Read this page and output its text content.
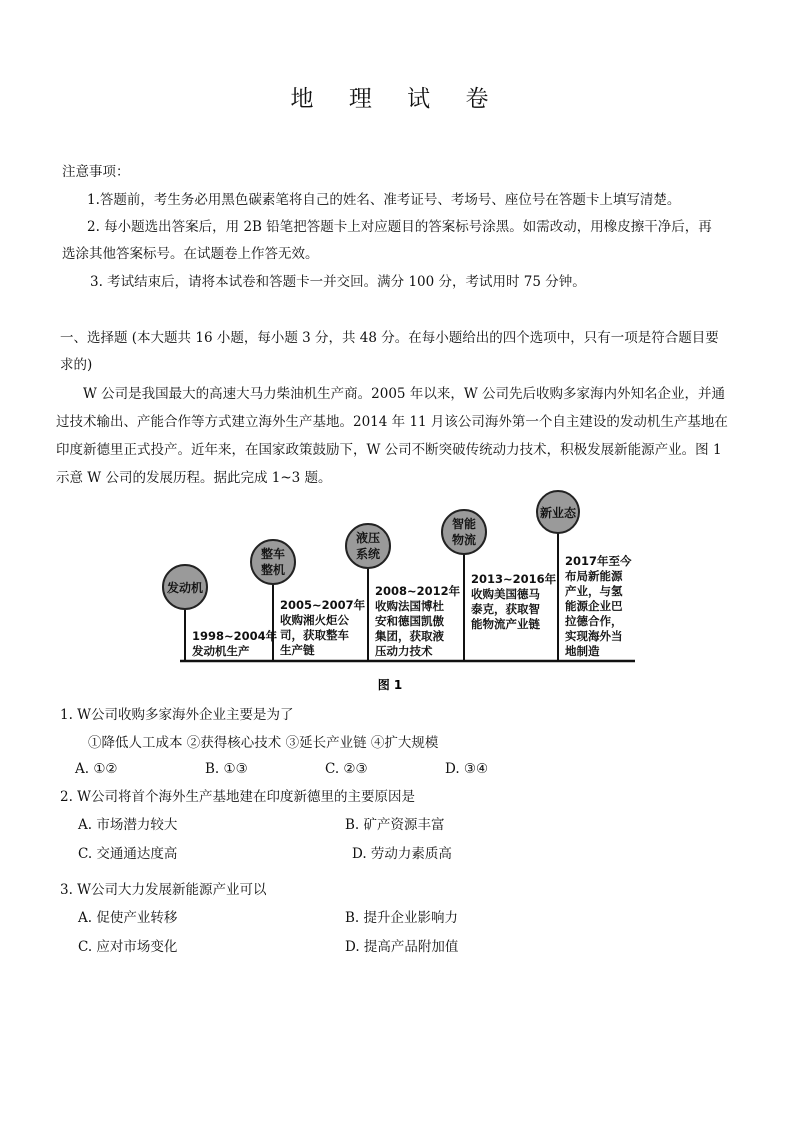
地 理 试 卷
注意事项：
1.答题前，考生务必用黑色碳素笔将自己的姓名、准考证号、考场号、座位号在答题卡上填写清楚。
2. 每小题选出答案后，用 2B 铅笔把答题卡上对应题目的答案标号涂黑。如需改动，用橡皮擦干净后，再
选涂其他答案标号。在试题卷上作答无效。
3. 考试结束后，请将本试卷和答题卡一并交回。满分 100 分，考试用时 75 分钟。
一、选择题 (本大题共 16 小题，每小题 3 分，共 48 分。在每小题给出的四个选项中，只有一项是符合题目要
求的)
W 公司是我国最大的高速大马力柴油机生产商。2005 年以来，W 公司先后收购多家海内外知名企业，并通
过技术输出、产能合作等方式建立海外生产基地。2014 年 11 月该公司海外第一个自主建设的发动机生产基地在
印度新德里正式投产。近年来，在国家政策鼓励下，W 公司不断突破传统动力技术，积极发展新能源产业。图 1
示意 W 公司的发展历程。据此完成 1~3 题。
发动机
整车
整机
液压
系统
智能
物流
新业态
1998~2004年
发动机生产
2005~2007年
收购湘火炬公
司，获取整车
生产链
2008~2012年
收购法国博杜
安和德国凯傲
集团，获取液
压动力技术
2013~2016年
收购美国德马
泰克，获取智
能物流产业链
2017年至今
布局新能源
产业，与氢
能源企业巴
拉德合作，
实现海外当
地制造
图 1
1. W公司收购多家海外企业主要是为了
①降低人工成本 ②获得核心技术 ③延长产业链 ④扩大规模
A. ①②	B. ①③	C. ②③	D. ③④
2. W公司将首个海外生产基地建在印度新德里的主要原因是
A. 市场潜力较大	B. 矿产资源丰富
C. 交通通达度高	D. 劳动力素质高
3. W公司大力发展新能源产业可以
A. 促使产业转移	B. 提升企业影响力
C. 应对市场变化	D. 提高产品附加值
